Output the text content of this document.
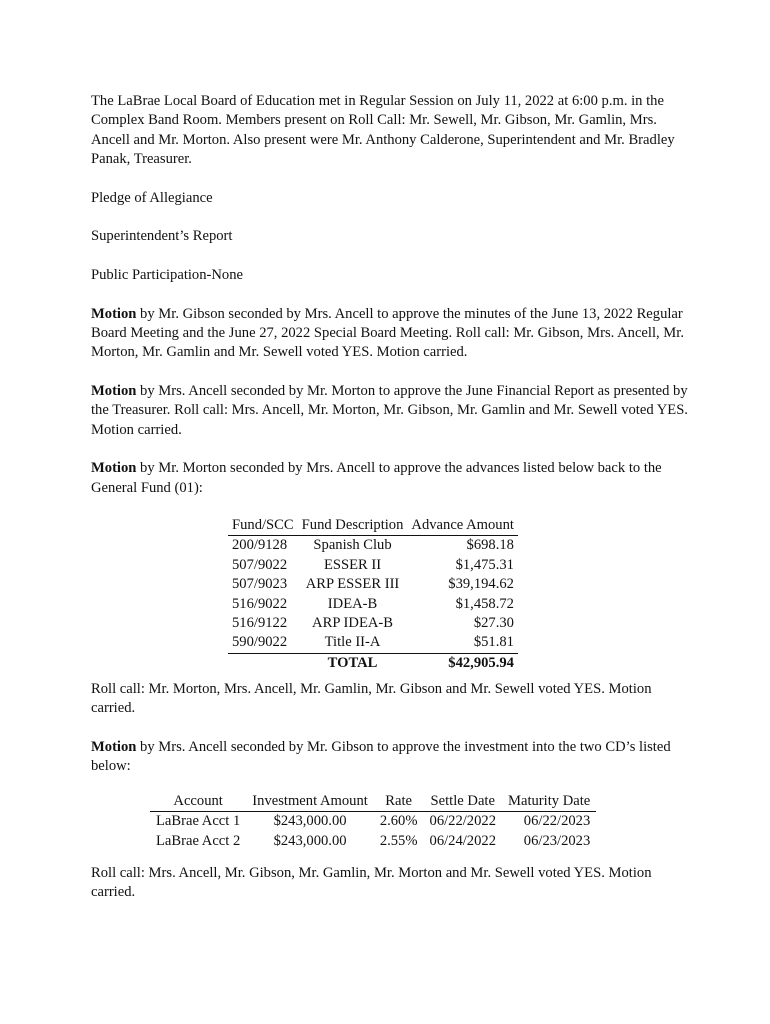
The LaBrae Local Board of Education met in Regular Session on July 11, 2022 at 6:00 p.m. in the Complex Band Room. Members present on Roll Call: Mr. Sewell, Mr. Gibson, Mr. Gamlin, Mrs. Ancell and Mr. Morton. Also present were Mr. Anthony Calderone, Superintendent and Mr. Bradley Panak, Treasurer.

Pledge of Allegiance

Superintendent’s Report

Public Participation-None

Motion by Mr. Gibson seconded by Mrs. Ancell to approve the minutes of the June 13, 2022 Regular Board Meeting and the June 27, 2022 Special Board Meeting. Roll call: Mr. Gibson, Mrs. Ancell, Mr. Morton, Mr. Gamlin and Mr. Sewell voted YES. Motion carried.

Motion by Mrs. Ancell seconded by Mr. Morton to approve the June Financial Report as presented by the Treasurer. Roll call: Mrs. Ancell, Mr. Morton, Mr. Gibson, Mr. Gamlin and Mr. Sewell voted YES. Motion carried.

Motion by Mr. Morton seconded by Mrs. Ancell to approve the advances listed below back to the General Fund (01):

Fund/SCC	Fund Description	Advance Amount
200/9128	Spanish Club	$698.18
507/9022	ESSER II	$1,475.31
507/9023	ARP ESSER III	$39,194.62
516/9022	IDEA-B	$1,458.72
516/9122	ARP IDEA-B	$27.30
590/9022	Title II-A	$51.81
	TOTAL	$42,905.94

Roll call: Mr. Morton, Mrs. Ancell, Mr. Gamlin, Mr. Gibson and Mr. Sewell voted YES. Motion carried.

Motion by Mrs. Ancell seconded by Mr. Gibson to approve the investment into the two CD’s listed below:

Account	Investment Amount	Rate	Settle Date	Maturity Date
LaBrae Acct 1	$243,000.00	2.60%	06/22/2022	06/22/2023
LaBrae Acct 2	$243,000.00	2.55%	06/24/2022	06/23/2023

Roll call: Mrs. Ancell, Mr. Gibson, Mr. Gamlin, Mr. Morton and Mr. Sewell voted YES. Motion carried.
